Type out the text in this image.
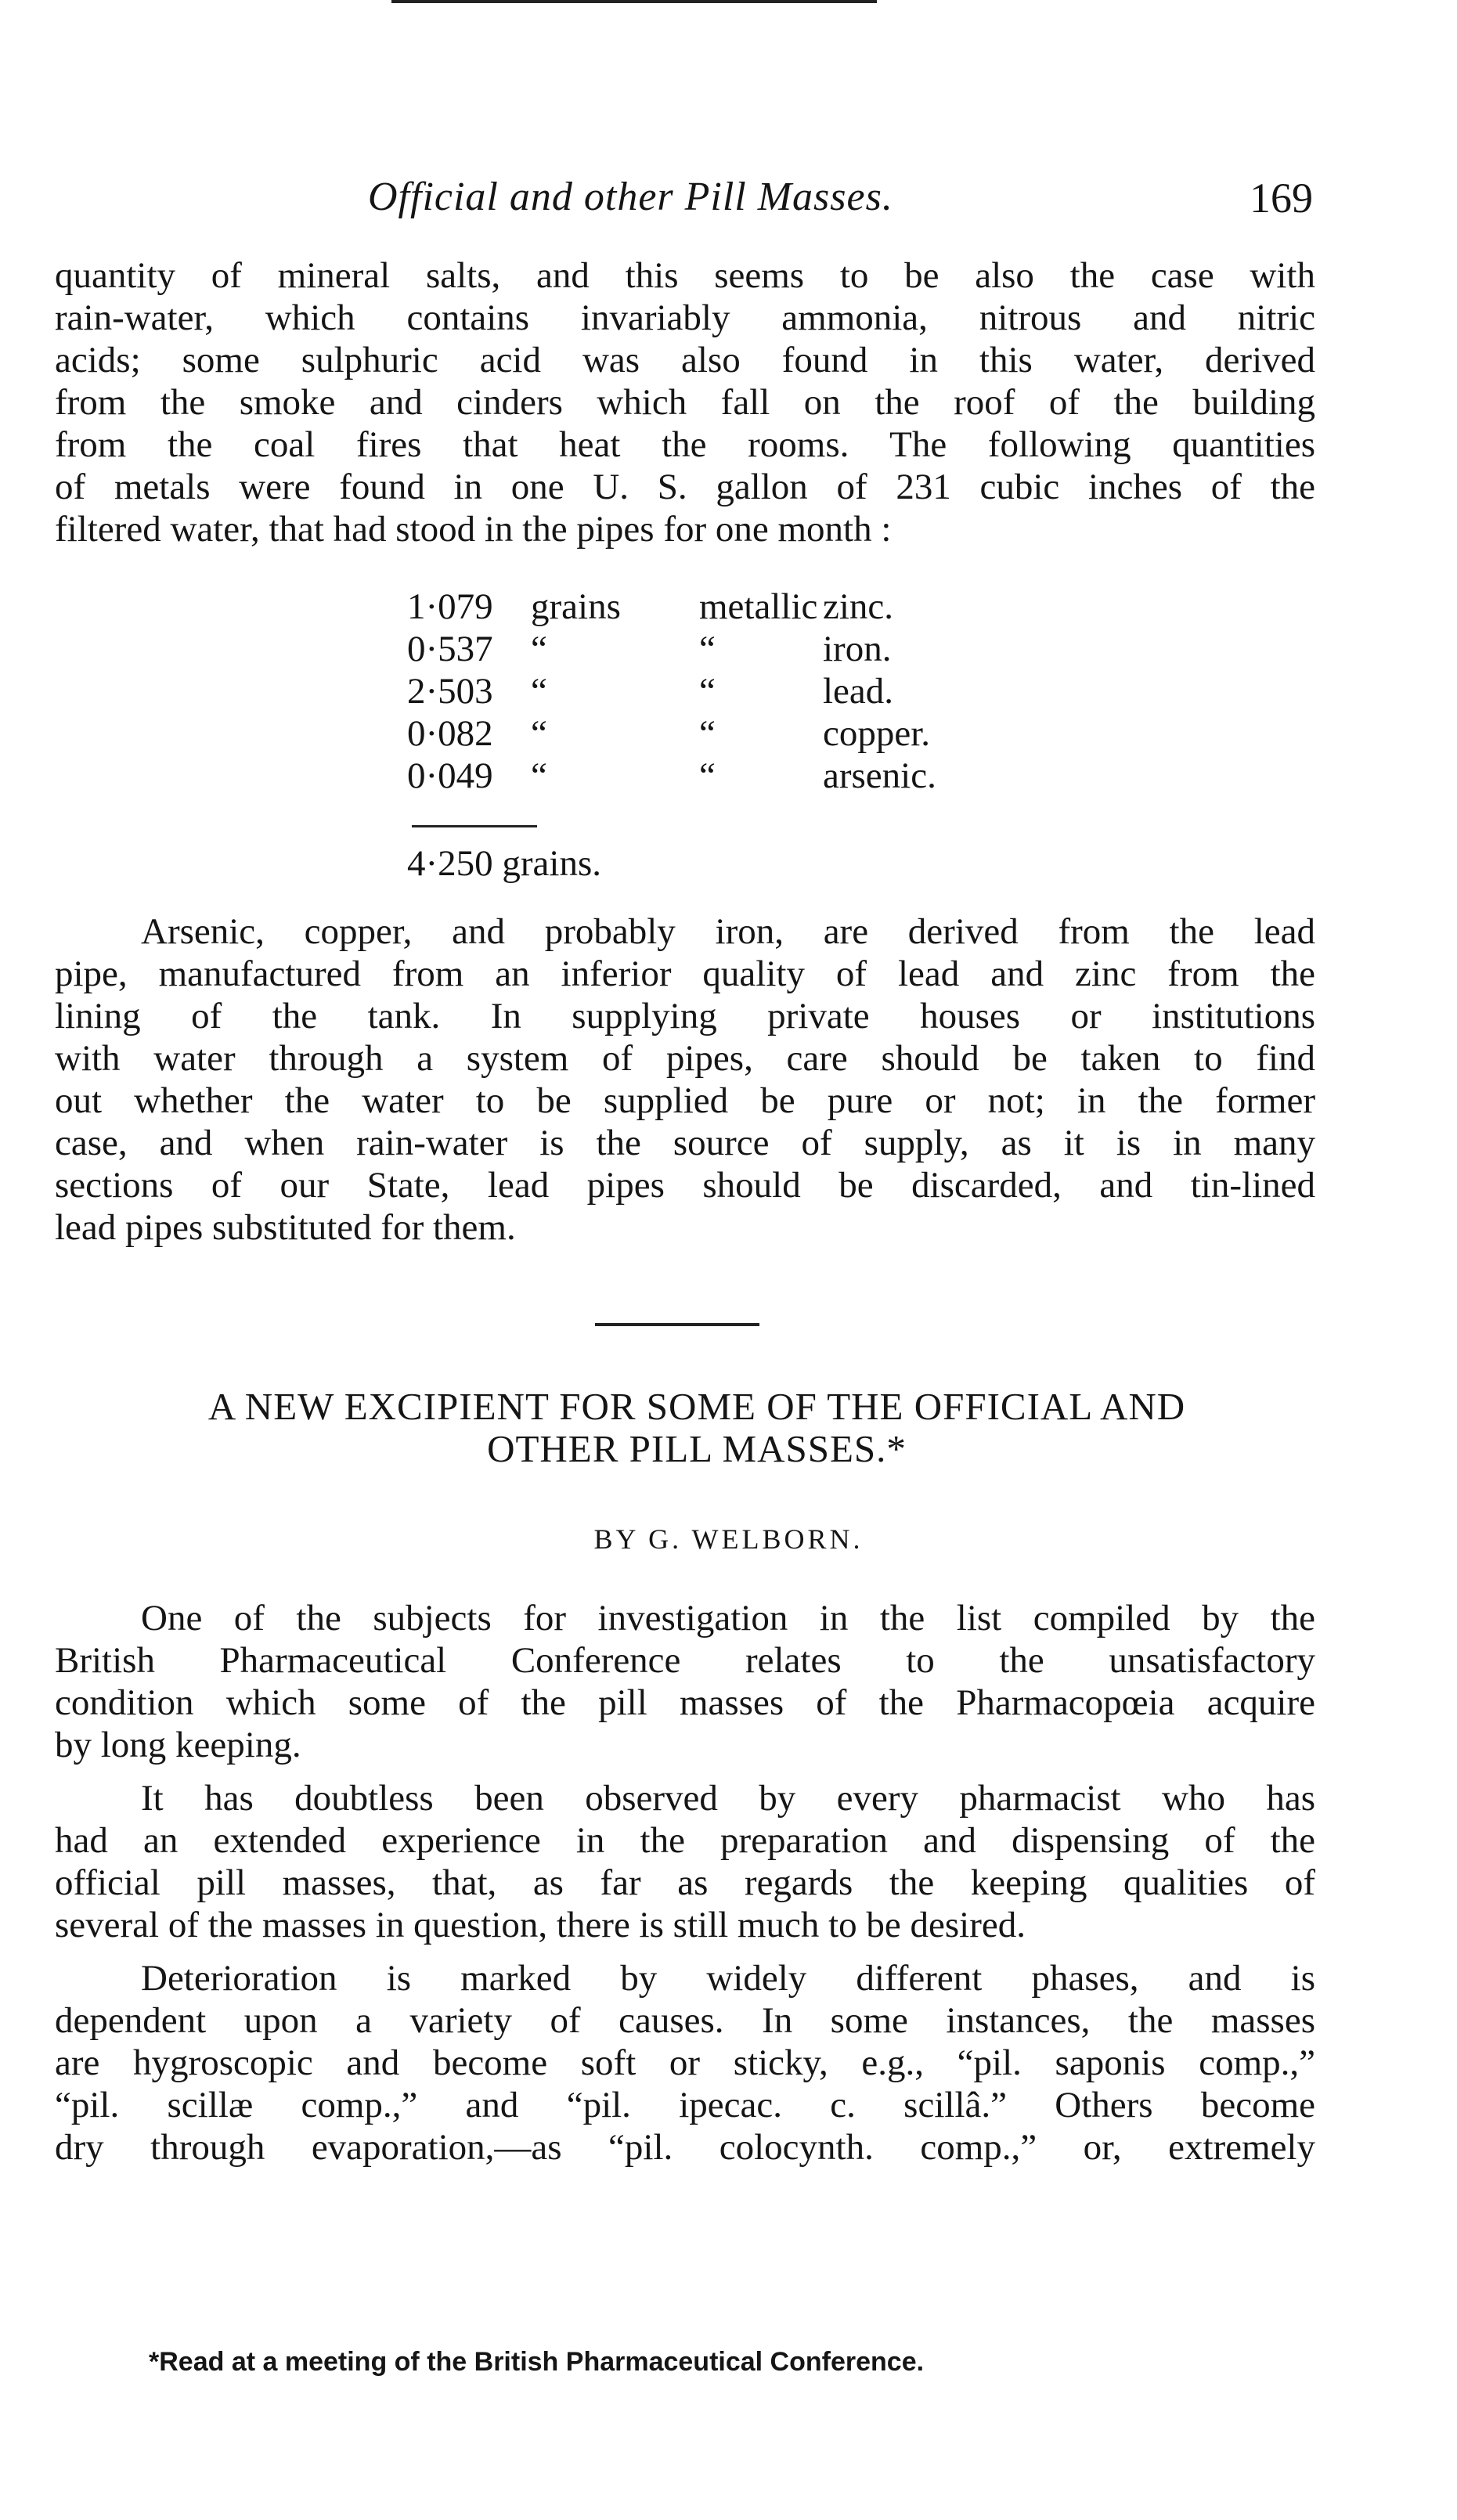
Official and other Pill Masses.	169

quantity of mineral salts, and this seems to be also the case with
rain-water, which contains invariably ammonia, nitrous and nitric
acids; some sulphuric acid was also found in this water, derived
from the smoke and cinders which fall on the roof of the building
from the coal fires that heat the rooms. The following quantities
of metals were found in one U. S. gallon of 231 cubic inches of the
filtered water, that had stood in the pipes for one month :

1·079	grains	metallic	zinc.
0·537	“	“	iron.
2·503	“	“	lead.
0·082	“	“	copper.
0·049	“	“	arsenic.
4·250 grains.

Arsenic, copper, and probably iron, are derived from the lead
pipe, manufactured from an inferior quality of lead and zinc from the
lining of the tank. In supplying private houses or institutions
with water through a system of pipes, care should be taken to find
out whether the water to be supplied be pure or not; in the former
case, and when rain-water is the source of supply, as it is in many
sections of our State, lead pipes should be discarded, and tin-lined
lead pipes substituted for them.

A NEW EXCIPIENT FOR SOME OF THE OFFICIAL AND
OTHER PILL MASSES.*
BY G. WELBORN.

One of the subjects for investigation in the list compiled by the
British Pharmaceutical Conference relates to the unsatisfactory
condition which some of the pill masses of the Pharmacopœia acquire
by long keeping.

It has doubtless been observed by every pharmacist who has
had an extended experience in the preparation and dispensing of the
official pill masses, that, as far as regards the keeping qualities of
several of the masses in question, there is still much to be desired.

Deterioration is marked by widely different phases, and is
dependent upon a variety of causes. In some instances, the masses
are hygroscopic and become soft or sticky, e.g., “pil. saponis comp.,”
“pil. scillæ comp.,” and “pil. ipecac. c. scillâ.” Others become
dry through evaporation,—as “pil. colocynth. comp.,” or, extremely

*Read at a meeting of the British Pharmaceutical Conference.
